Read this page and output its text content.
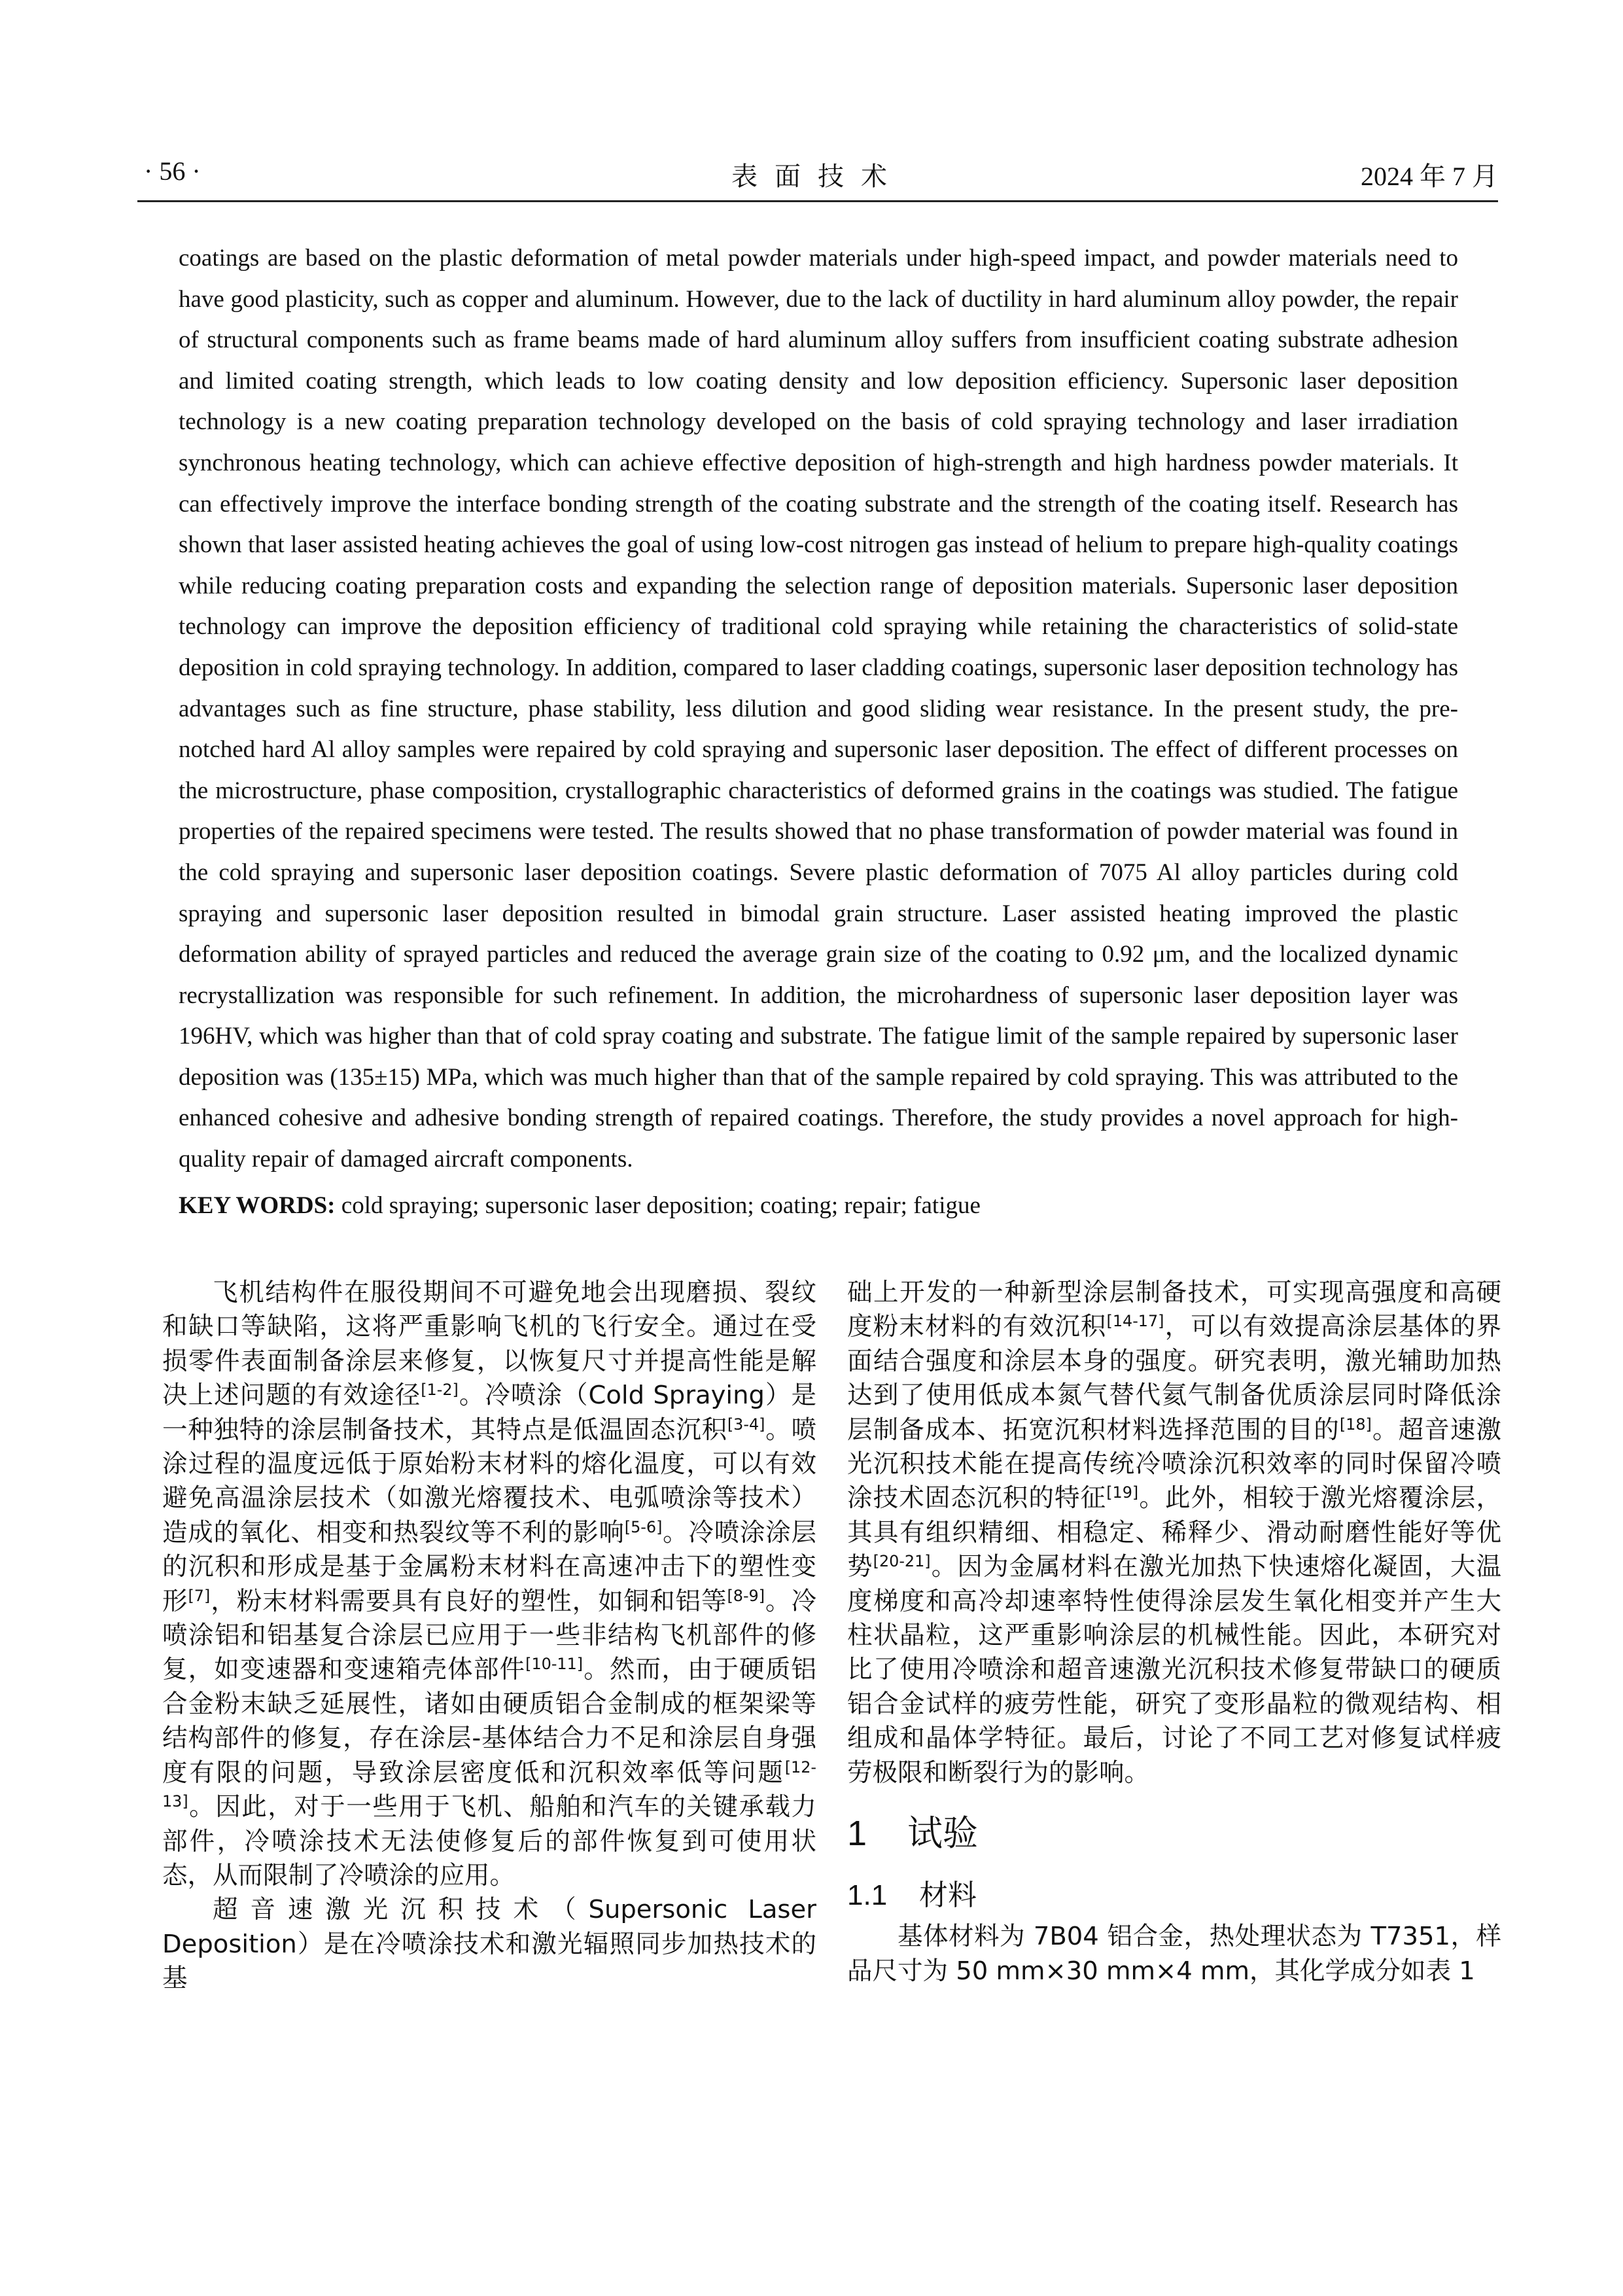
· 56 ·	表面技术	2024 年 7 月

coatings are based on the plastic deformation of metal powder materials under high-speed impact, and powder materials need to have good plasticity, such as copper and aluminum. However, due to the lack of ductility in hard aluminum alloy powder, the repair of structural components such as frame beams made of hard aluminum alloy suffers from insufficient coating substrate adhesion and limited coating strength, which leads to low coating density and low deposition efficiency. Supersonic laser deposition technology is a new coating preparation technology developed on the basis of cold spraying technology and laser irradiation synchronous heating technology, which can achieve effective deposition of high-strength and high hardness powder materials. It can effectively improve the interface bonding strength of the coating substrate and the strength of the coating itself. Research has shown that laser assisted heating achieves the goal of using low-cost nitrogen gas instead of helium to prepare high-quality coatings while reducing coating preparation costs and expanding the selection range of deposition materials. Supersonic laser deposition technology can improve the deposition efficiency of traditional cold spraying while retaining the characteristics of solid-state deposition in cold spraying technology. In addition, compared to laser cladding coatings, supersonic laser deposition technology has advantages such as fine structure, phase stability, less dilution and good sliding wear resistance. In the present study, the pre-notched hard Al alloy samples were repaired by cold spraying and supersonic laser deposition. The effect of different processes on the microstructure, phase composition, crystallographic characteristics of deformed grains in the coatings was studied. The fatigue properties of the repaired specimens were tested. The results showed that no phase transformation of powder material was found in the cold spraying and supersonic laser deposition coatings. Severe plastic deformation of 7075 Al alloy particles during cold spraying and supersonic laser deposition resulted in bimodal grain structure. Laser assisted heating improved the plastic deformation ability of sprayed particles and reduced the average grain size of the coating to 0.92 μm, and the localized dynamic recrystallization was responsible for such refinement. In addition, the microhardness of supersonic laser deposition layer was 196HV, which was higher than that of cold spray coating and substrate. The fatigue limit of the sample repaired by supersonic laser deposition was (135±15) MPa, which was much higher than that of the sample repaired by cold spraying. This was attributed to the enhanced cohesive and adhesive bonding strength of repaired coatings. Therefore, the study provides a novel approach for high-quality repair of damaged aircraft components.

KEY WORDS: cold spraying; supersonic laser deposition; coating; repair; fatigue

飞机结构件在服役期间不可避免地会出现磨损、裂纹和缺口等缺陷，这将严重影响飞机的飞行安全。通过在受损零件表面制备涂层来修复，以恢复尺寸并提高性能是解决上述问题的有效途径[1-2]。冷喷涂（Cold Spraying）是一种独特的涂层制备技术，其特点是低温固态沉积[3-4]。喷涂过程的温度远低于原始粉末材料的熔化温度，可以有效避免高温涂层技术（如激光熔覆技术、电弧喷涂等技术）造成的氧化、相变和热裂纹等不利的影响[5-6]。冷喷涂涂层的沉积和形成是基于金属粉末材料在高速冲击下的塑性变形[7]，粉末材料需要具有良好的塑性，如铜和铝等[8-9]。冷喷涂铝和铝基复合涂层已应用于一些非结构飞机部件的修复，如变速器和变速箱壳体部件[10-11]。然而，由于硬质铝合金粉末缺乏延展性，诸如由硬质铝合金制成的框架梁等结构部件的修复，存在涂层-基体结合力不足和涂层自身强度有限的问题，导致涂层密度低和沉积效率低等问题[12-13]。因此，对于一些用于飞机、船舶和汽车的关键承载力部件，冷喷涂技术无法使修复后的部件恢复到可使用状态，从而限制了冷喷涂的应用。

超音速激光沉积技术（Supersonic Laser Deposition）是在冷喷涂技术和激光辐照同步加热技术的基

础上开发的一种新型涂层制备技术，可实现高强度和高硬度粉末材料的有效沉积[14-17]，可以有效提高涂层基体的界面结合强度和涂层本身的强度。研究表明，激光辅助加热达到了使用低成本氮气替代氦气制备优质涂层同时降低涂层制备成本、拓宽沉积材料选择范围的目的[18]。超音速激光沉积技术能在提高传统冷喷涂沉积效率的同时保留冷喷涂技术固态沉积的特征[19]。此外，相较于激光熔覆涂层，其具有组织精细、相稳定、稀释少、滑动耐磨性能好等优势[20-21]。因为金属材料在激光加热下快速熔化凝固，大温度梯度和高冷却速率特性使得涂层发生氧化相变并产生大柱状晶粒，这严重影响涂层的机械性能。因此，本研究对比了使用冷喷涂和超音速激光沉积技术修复带缺口的硬质铝合金试样的疲劳性能，研究了变形晶粒的微观结构、相组成和晶体学特征。最后，讨论了不同工艺对修复试样疲劳极限和断裂行为的影响。

1 试验
1.1 材料

基体材料为 7B04 铝合金，热处理状态为 T7351，样品尺寸为 50 mm×30 mm×4 mm，其化学成分如表 1
